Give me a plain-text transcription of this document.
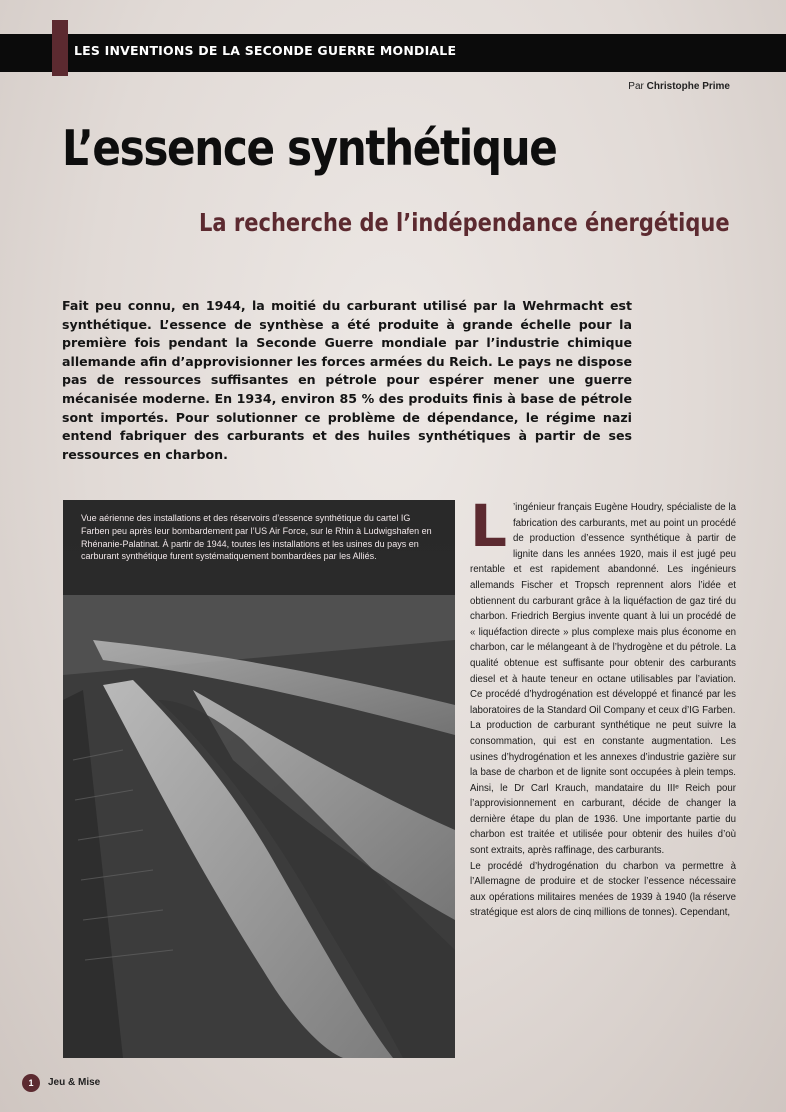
LES INVENTIONS DE LA SECONDE GUERRE MONDIALE
Par Christophe Prime
L’essence synthétique
La recherche de l’indépendance énergétique

Fait peu connu, en 1944, la moitié du carburant utilisé par la Wehrmacht est synthétique. L’essence de synthèse a été produite à grande échelle pour la première fois pendant la Seconde Guerre mondiale par l’industrie chimique allemande afin d’approvisionner les forces armées du Reich. Le pays ne dispose pas de ressources suffisantes en pétrole pour espérer mener une guerre mécanisée moderne. En 1934, environ 85 % des produits finis à base de pétrole sont importés. Pour solutionner ce problème de dépendance, le régime nazi entend fabriquer des carburants et des huiles synthétiques à partir de ses ressources en charbon.

Vue aérienne des installations et des réservoirs d’essence synthétique du cartel IG Farben peu après leur bombardement par l’US Air Force, sur le Rhin à Ludwigshafen en Rhénanie-Palatinat. À partir de 1944, toutes les installations et les usines du pays en carburant synthétique furent systématiquement bombardées par les Alliés.	L ’ingénieur français Eugène Houdry, spécialiste de la fabrication des carburants, met au point un procédé de production d’essence synthétique à partir de lignite dans les années 1920, mais il est jugé peu rentable et est rapidement abandonné. Les ingénieurs allemands Fischer et Tropsch reprennent alors l’idée et obtiennent du carburant grâce à la liquéfaction de gaz tiré du charbon. Friedrich Bergius invente quant à lui un procédé de « liquéfaction directe » plus complexe mais plus économe en charbon, car le mélangeant à de l’hydrogène et du pétrole. La qualité obtenue est suffisante pour obtenir des carburants diesel et à haute teneur en octane utilisables par l’aviation. Ce procédé d’hydrogénation est développé et financé par les laboratoires de la Standard Oil Company et ceux d’IG Farben.

La production de carburant synthétique ne peut suivre la consommation, qui est en constante augmentation. Les usines d’hydrogénation et les annexes d’industrie gazière sur la base de charbon et de lignite sont occupées à plein temps. Ainsi, le Dr Carl Krauch, mandataire du IIIᵉ Reich pour l’approvisionnement en carburant, décide de changer la dernière étape du plan de 1936. Une importante partie du charbon est traitée et utilisée pour obtenir des huiles d’où sont extraits, après raffinage, des carburants.

Le procédé d’hydrogénation du charbon va permettre à l’Allemagne de produire et de stocker l’essence nécessaire aux opérations militaires menées de 1939 à 1940 (la réserve stratégique est alors de cinq millions de tonnes). Cependant,

1	Jeu & Mise
